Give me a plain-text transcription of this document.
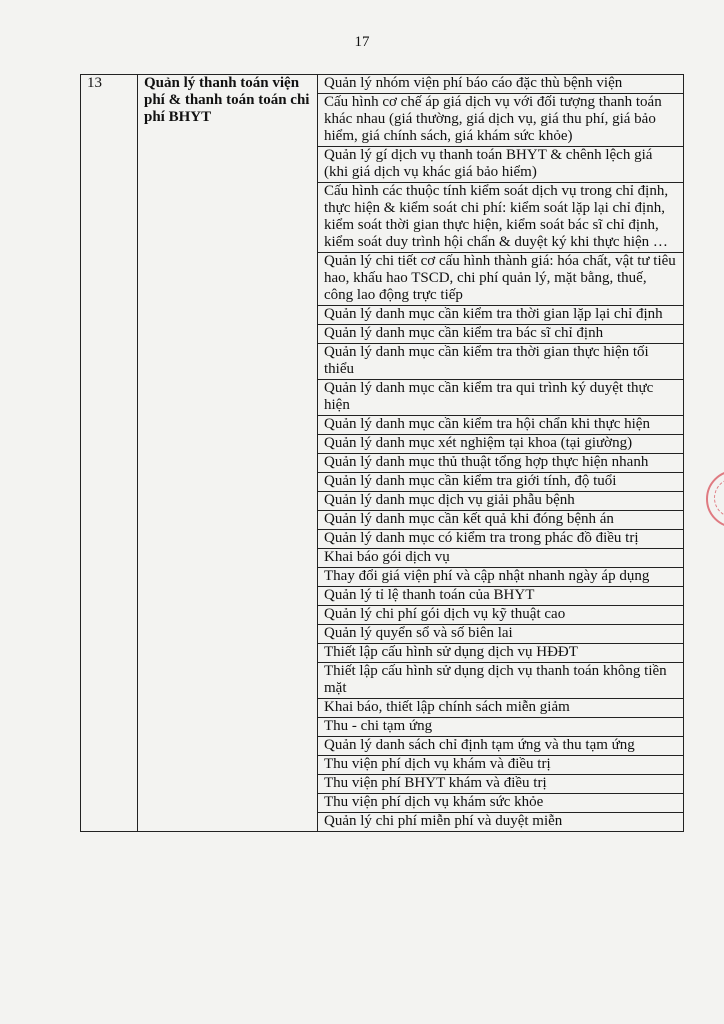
17
13	Quản lý thanh toán viện phí & thanh toán toán chi phí BHYT	Quản lý nhóm viện phí báo cáo đặc thù bệnh viện
Cấu hình cơ chế áp giá dịch vụ với đối tượng thanh toán khác nhau (giá thường, giá dịch vụ, giá thu phí, giá bảo hiểm, giá chính sách, giá khám sức khỏe)
Quản lý gí dịch vụ thanh toán BHYT & chênh lệch giá (khi giá dịch vụ khác giá bảo hiểm)
Cấu hình các thuộc tính kiểm soát dịch vụ trong chỉ định, thực hiện & kiểm soát chi phí: kiểm soát lặp lại chỉ định, kiểm soát thời gian thực hiện, kiểm soát bác sĩ chỉ định, kiểm soát duy trình hội chẩn & duyệt ký khi thực hiện …
Quản lý chi tiết cơ cấu hình thành giá: hóa chất, vật tư tiêu hao, khấu hao TSCD, chi phí quản lý, mặt bằng, thuế, công lao động trực tiếp
Quản lý danh mục cần kiểm tra thời gian lặp lại chỉ định
Quản lý danh mục cần kiểm tra bác sĩ chỉ định
Quản lý danh mục cần kiểm tra thời gian thực hiện tối thiểu
Quản lý danh mục cần kiểm tra qui trình ký duyệt thực hiện
Quản lý danh mục cần kiểm tra hội chẩn khi thực hiện
Quản lý danh mục xét nghiệm tại khoa (tại giường)
Quản lý danh mục thủ thuật tổng hợp thực hiện nhanh
Quản lý danh mục cần kiểm tra giới tính, độ tuổi
Quản lý danh mục dịch vụ giải phẫu bệnh
Quản lý danh mục cần kết quả khi đóng bệnh án
Quản lý danh mục có kiểm tra trong phác đồ điều trị
Khai báo gói dịch vụ
Thay đổi giá viện phí và cập nhật nhanh ngày áp dụng
Quản lý tỉ lệ thanh toán của BHYT
Quản lý chi phí gói dịch vụ kỹ thuật cao
Quản lý quyển sổ và số biên lai
Thiết lập cấu hình sử dụng dịch vụ HĐĐT
Thiết lập cấu hình sử dụng dịch vụ thanh toán không tiền mặt
Khai báo, thiết lập chính sách miễn giảm
Thu - chi tạm ứng
Quản lý danh sách chỉ định tạm ứng và thu tạm ứng
Thu viện phí dịch vụ khám và điều trị
Thu viện phí BHYT khám và điều trị
Thu viện phí dịch vụ khám sức khỏe
Quản lý chi phí miễn phí và duyệt miễn
